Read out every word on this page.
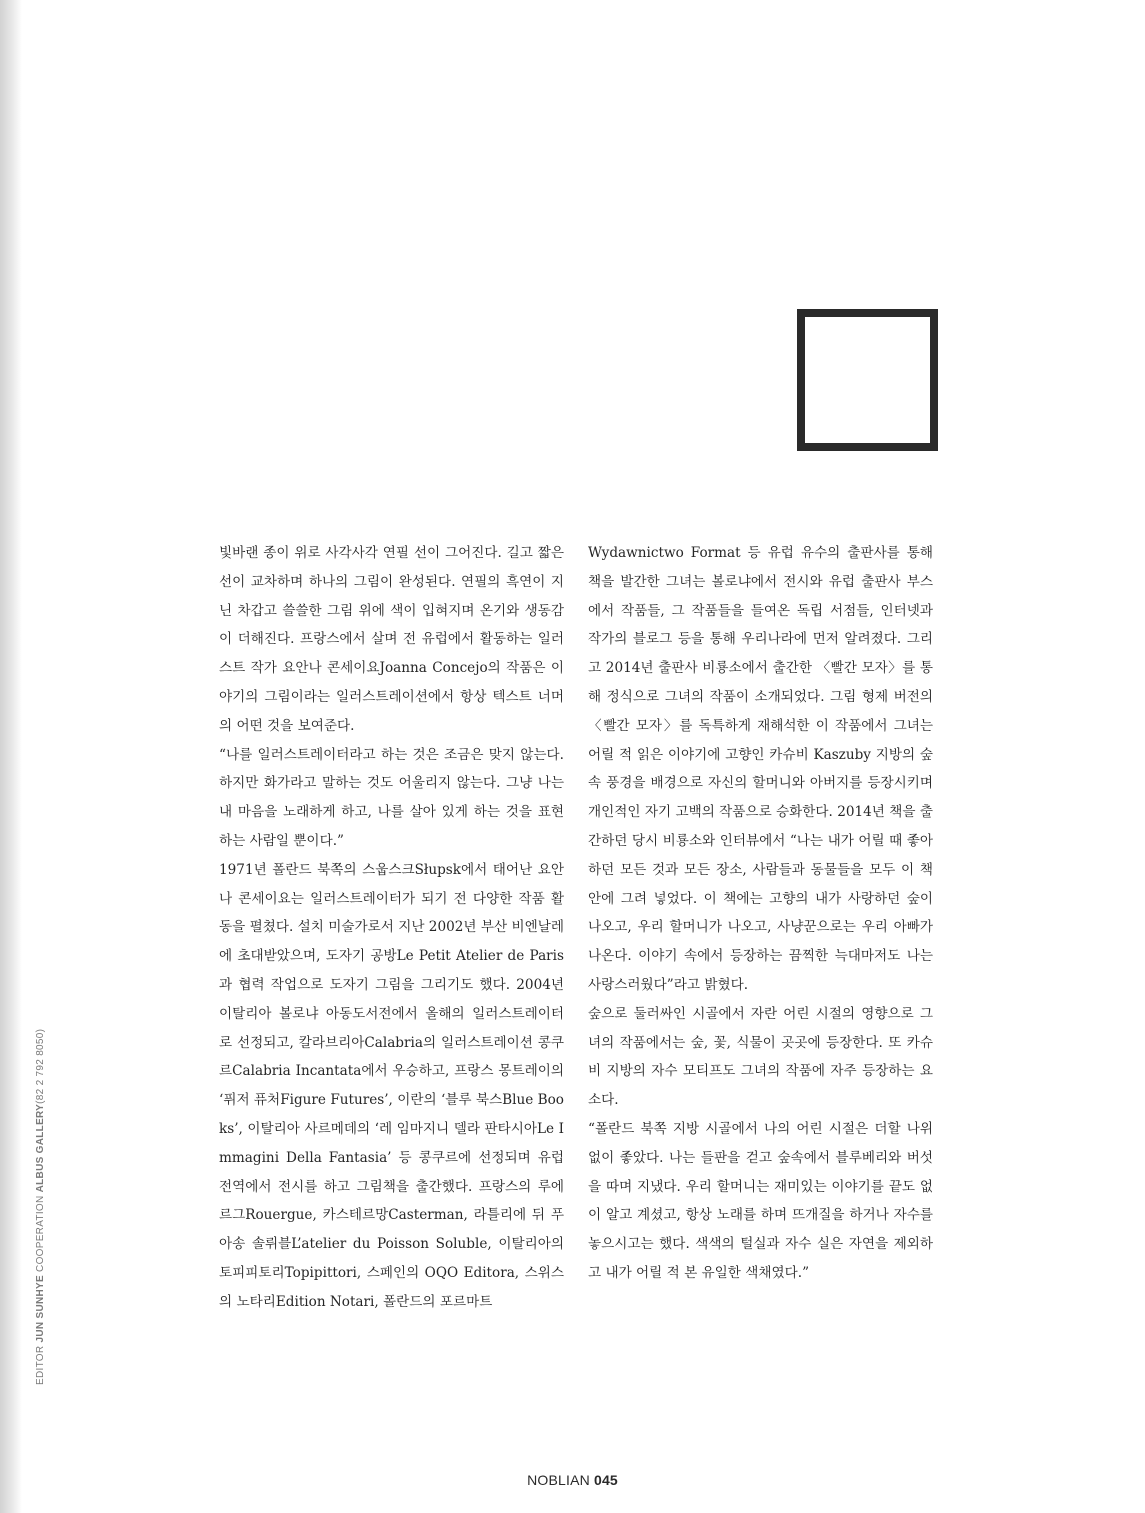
EDITOR JUN SUNHYE COOPERATION ALBUS GALLERY(82 2 792 8050)

빛바랜 종이 위로 사각사각 연필 선이 그어진다. 길고 짧은 선이 교차하며 하나의 그림이 완성된다. 연필의 흑연이 지닌 차갑고 쓸쓸한 그림 위에 색이 입혀지며 온기와 생동감이 더해진다. 프랑스에서 살며 전 유럽에서 활동하는 일러스트 작가 요안나 콘세이요Joanna Concejo의 작품은 이야기의 그림이라는 일러스트레이션에서 항상 텍스트 너머의 어떤 것을 보여준다.

“나를 일러스트레이터라고 하는 것은 조금은 맞지 않는다. 하지만 화가라고 말하는 것도 어울리지 않는다. 그냥 나는 내 마음을 노래하게 하고, 나를 살아 있게 하는 것을 표현하는 사람일 뿐이다.”

1971년 폴란드 북쪽의 스웁스크Słupsk에서 태어난 요안나 콘세이요는 일러스트레이터가 되기 전 다양한 작품 활동을 펼쳤다. 설치 미술가로서 지난 2002년 부산 비엔날레에 초대받았으며, 도자기 공방Le Petit Atelier de Paris과 협력 작업으로 도자기 그림을 그리기도 했다. 2004년 이탈리아 볼로냐 아동도서전에서 올해의 일러스트레이터로 선정되고, 칼라브리아Calabria의 일러스트레이션 콩쿠르Calabria Incantata에서 우승하고, 프랑스 몽트레이의 ‘퓌저 퓨처Figure Futures’, 이란의 ‘블루 북스Blue Books’, 이탈리아 사르메데의 ‘레 임마지니 델라 판타시아Le Immagini Della Fantasia’ 등 콩쿠르에 선정되며 유럽 전역에서 전시를 하고 그림책을 출간했다. 프랑스의 루에르그Rouergue, 카스테르망Casterman, 라틀리에 뒤 푸아송 솔뤼블L’atelier du Poisson Soluble, 이탈리아의 토피피토리Topipittori, 스페인의 OQO Editora, 스위스의 노타리Edition Notari, 폴란드의 포르마트

Wydawnictwo Format 등 유럽 유수의 출판사를 통해 책을 발간한 그녀는 볼로냐에서 전시와 유럽 출판사 부스에서 작품들, 그 작품들을 들여온 독립 서점들, 인터넷과 작가의 블로그 등을 통해 우리나라에 먼저 알려졌다. 그리고 2014년 출판사 비룡소에서 출간한 〈빨간 모자〉를 통해 정식으로 그녀의 작품이 소개되었다. 그림 형제 버전의 〈빨간 모자〉를 독특하게 재해석한 이 작품에서 그녀는 어릴 적 읽은 이야기에 고향인 카슈비 Kaszuby 지방의 숲속 풍경을 배경으로 자신의 할머니와 아버지를 등장시키며 개인적인 자기 고백의 작품으로 승화한다. 2014년 책을 출간하던 당시 비룡소와 인터뷰에서 “나는 내가 어릴 때 좋아하던 모든 것과 모든 장소, 사람들과 동물들을 모두 이 책 안에 그려 넣었다. 이 책에는 고향의 내가 사랑하던 숲이 나오고, 우리 할머니가 나오고, 사냥꾼으로는 우리 아빠가 나온다. 이야기 속에서 등장하는 끔찍한 늑대마저도 나는 사랑스러웠다”라고 밝혔다.

숲으로 둘러싸인 시골에서 자란 어린 시절의 영향으로 그녀의 작품에서는 숲, 꽃, 식물이 곳곳에 등장한다. 또 카슈비 지방의 자수 모티프도 그녀의 작품에 자주 등장하는 요소다.

“폴란드 북쪽 지방 시골에서 나의 어린 시절은 더할 나위 없이 좋았다. 나는 들판을 걷고 숲속에서 블루베리와 버섯을 따며 지냈다. 우리 할머니는 재미있는 이야기를 끝도 없이 알고 계셨고, 항상 노래를 하며 뜨개질을 하거나 자수를 놓으시고는 했다. 색색의 털실과 자수 실은 자연을 제외하고 내가 어릴 적 본 유일한 색채였다.”

NOBLIAN 045
